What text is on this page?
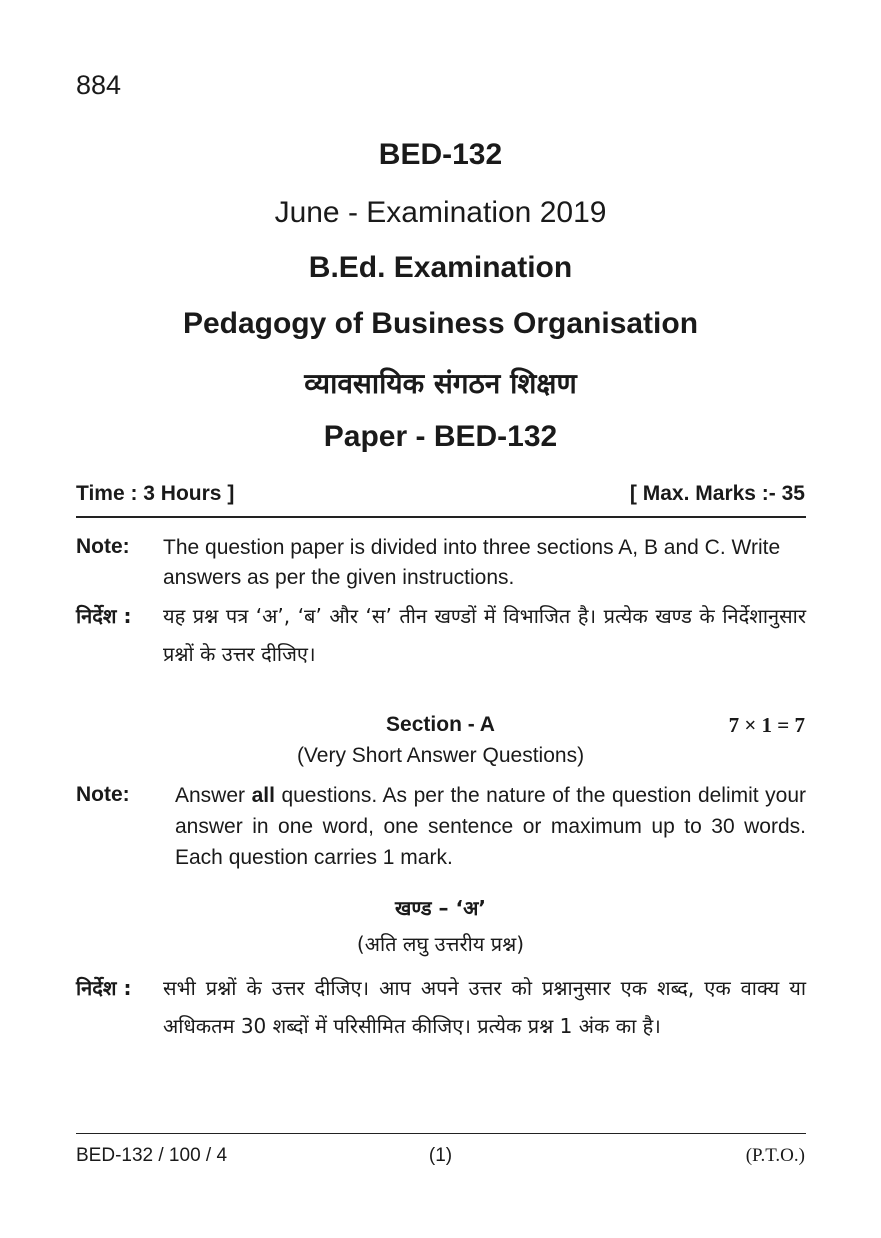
884
BED-132
June - Examination 2019
B.Ed. Examination
Pedagogy of Business Organisation
व्यावसायिक संगठन शिक्षण
Paper - BED-132
Time : 3 Hours ]	[ Max. Marks :- 35
Note: The question paper is divided into three sections A, B and C. Write answers as per the given instructions.
निर्देश : यह प्रश्न पत्र ‘अ’, ‘ब’ और ‘स’ तीन खण्डों में विभाजित है। प्रत्येक खण्ड के निर्देशानुसार प्रश्नों के उत्तर दीजिए।
Section - A	7 × 1 = 7
(Very Short Answer Questions)
Note: Answer all questions. As per the nature of the question delimit your answer in one word, one sentence or maximum up to 30 words. Each question carries 1 mark.
खण्ड – ‘अ’
(अति लघु उत्तरीय प्रश्न)
निर्देश : सभी प्रश्नों के उत्तर दीजिए। आप अपने उत्तर को प्रश्नानुसार एक शब्द, एक वाक्य या अधिकतम 30 शब्दों में परिसीमित कीजिए। प्रत्येक प्रश्न 1 अंक का है।
BED-132 / 100 / 4	(1)	(P.T.O.)
